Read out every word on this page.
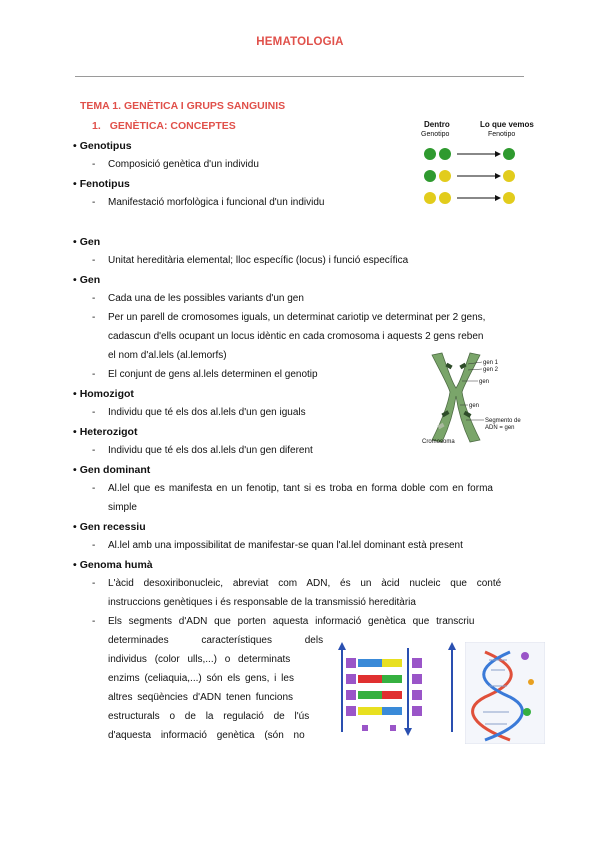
HEMATOLOGIA
TEMA 1. GENÈTICA I GRUPS SANGUINIS
1. GENÈTICA: CONCEPTES
• Genotipus
- Composició genètica d'un individu
• Fenotipus
- Manifestació morfològica i funcional d'un individu
• Gen
- Unitat hereditària elemental; lloc específic (locus) i funció específica
• Gen
- Cada una de les possibles variants d'un gen
- Per un parell de cromosomes iguals, un determinat cariotip ve determinat per 2 gens,
cadascun d'ells ocupant un locus idèntic en cada cromosoma i aquests 2 gens reben
el nom d'al.lels (al.lemorfs)
- El conjunt de gens al.lels determinen el genotip
• Homozigot
- Individu que té els dos al.lels d'un gen iguals
• Heterozigot
- Individu que té els dos al.lels d'un gen diferent
• Gen dominant
- Al.lel que es manifesta en un fenotip, tant si es troba en forma doble com en forma
simple
• Gen recessiu
- Al.lel amb una impossibilitat de manifestar-se quan l'al.lel dominant està present
• Genoma humà
- L'àcid desoxiribonucleic, abreviat com ADN, és un àcid nucleic que conté
instruccions genètiques i és responsable de la transmissió hereditària
- Els segments d'ADN que porten aquesta informació genètica que transcriu
determinades característiques dels
individus (color ulls,...) o determinats
enzims (celiaquia,...) són els gens, i les
altres seqüències d'ADN tenen funcions
estructurals o de la regulació de l'ús
d'aquesta informació genètica (són no
Dentro
Genotipo
Lo que vemos
Fenotipo
gen 1
gen 2
gen
gen
Segmento de
ADN = gen
Cromosoma
